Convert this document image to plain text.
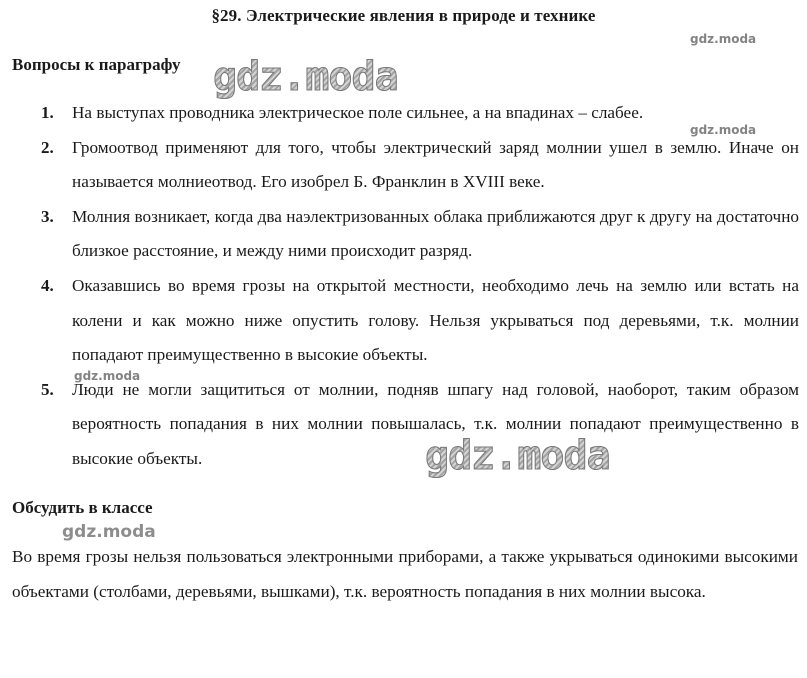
§29. Электрические явления в природе и технике
gdz.moda
Вопросы к параграфу gdz.moda
1. На выступах проводника электрическое поле сильнее, а на впадинах – слабее.
2. Громоотвод применяют для того, чтобы электрический заряд молнии ушел в землю. Иначе он называется молниеотвод. Его изобрел Б. Франклин в XVIII веке.
3. Молния возникает, когда два наэлектризованных облака приближаются друг к другу на достаточно близкое расстояние, и между ними происходит разряд.
4. Оказавшись во время грозы на открытой местности, необходимо лечь на землю или встать на колени и как можно ниже опустить голову. Нельзя укрываться под деревьями, т.к. молнии попадают преимущественно в высокие объекты.
5. Люди не могли защититься от молнии, подняв шпагу над головой, наоборот, таким образом вероятность попадания в них молнии повышалась, т.к. молнии попадают преимущественно в высокие объекты.
gdz.moda
gdz.moda
gdz.moda
Обсудить в классе
gdz.moda
Во время грозы нельзя пользоваться электронными приборами, а также укрываться одинокими высокими объектами (столбами, деревьями, вышками), т.к. вероятность попадания в них молнии высока.
